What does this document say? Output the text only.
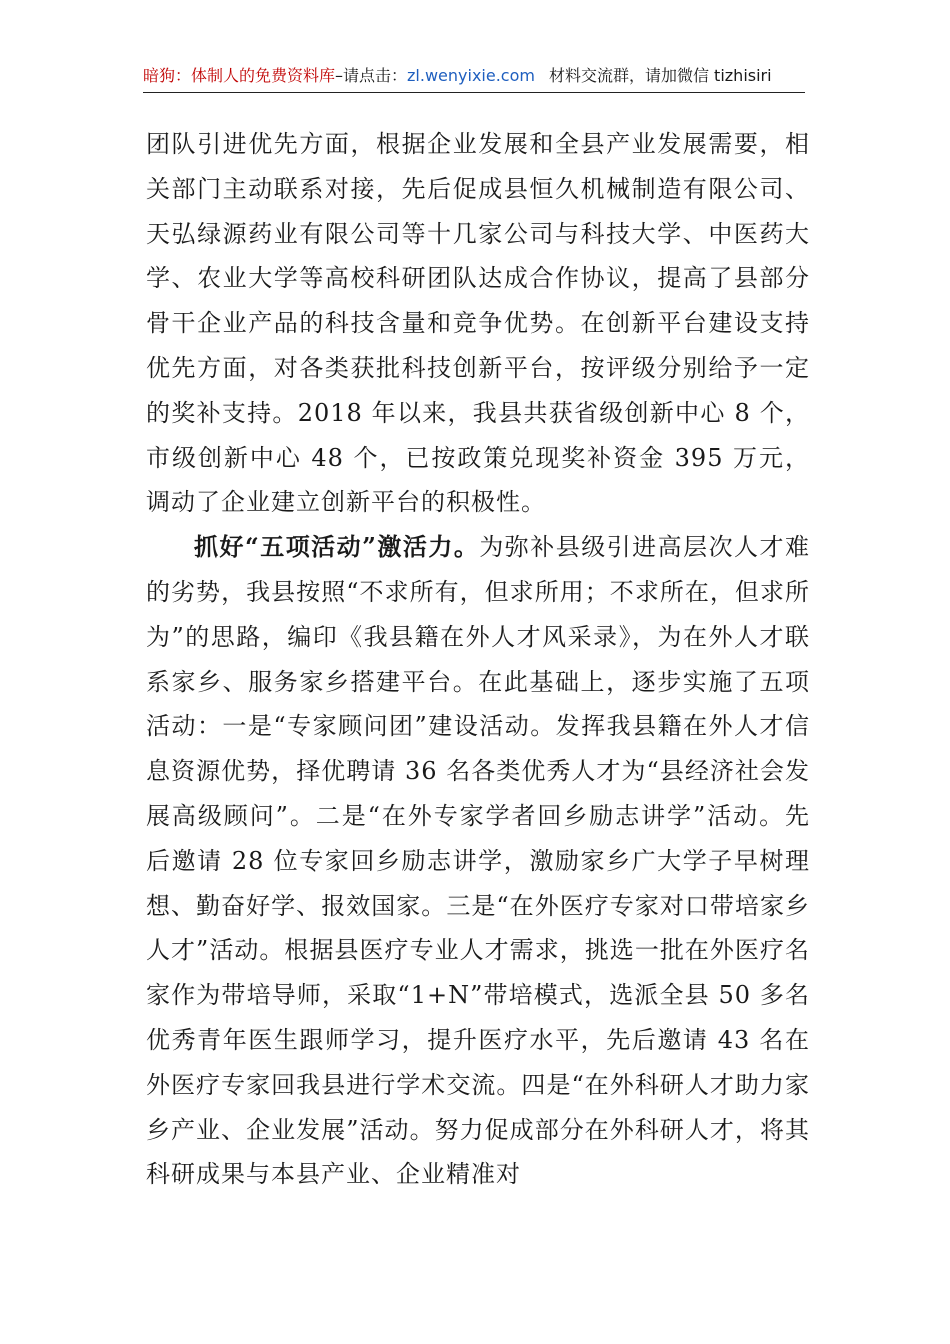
暗狗：体制人的免费资料库–请点击：zl.wenyixie.com 材料交流群，请加微信 tizhisiri

团队引进优先方面，根据企业发展和全县产业发展需要，相关部门主动联系对接，先后促成县恒久机械制造有限公司、天弘绿源药业有限公司等十几家公司与科技大学、中医药大学、农业大学等高校科研团队达成合作协议，提高了县部分骨干企业产品的科技含量和竞争优势。在创新平台建设支持优先方面，对各类获批科技创新平台，按评级分别给予一定的奖补支持。2018 年以来，我县共获省级创新中心 8 个，市级创新中心 48 个，已按政策兑现奖补资金 395 万元，调动了企业建立创新平台的积极性。

抓好“五项活动”激活力。为弥补县级引进高层次人才难的劣势，我县按照“不求所有，但求所用；不求所在，但求所为”的思路，编印《我县籍在外人才风采录》，为在外人才联系家乡、服务家乡搭建平台。在此基础上，逐步实施了五项活动：一是“专家顾问团”建设活动。发挥我县籍在外人才信息资源优势，择优聘请 36 名各类优秀人才为“县经济社会发展高级顾问”。二是“在外专家学者回乡励志讲学”活动。先后邀请 28 位专家回乡励志讲学，激励家乡广大学子早树理想、勤奋好学、报效国家。三是“在外医疗专家对口带培家乡人才”活动。根据县医疗专业人才需求，挑选一批在外医疗名家作为带培导师，采取“1+N”带培模式，选派全县 50 多名优秀青年医生跟师学习，提升医疗水平，先后邀请 43 名在外医疗专家回我县进行学术交流。四是“在外科研人才助力家乡产业、企业发展”活动。努力促成部分在外科研人才，将其科研成果与本县产业、企业精准对
